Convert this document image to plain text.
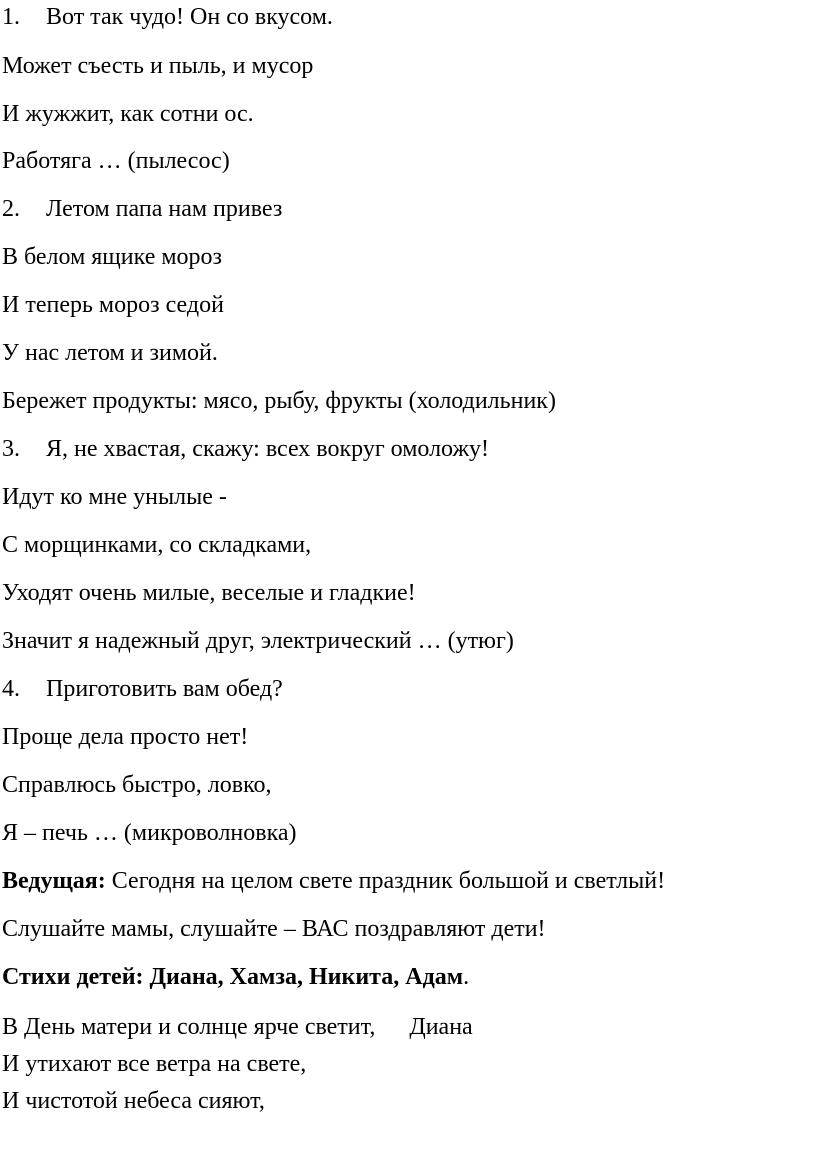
1. Вот так чудо! Он со вкусом.
Может съесть и пыль, и мусор
И жужжит, как сотни ос.
Работяга … (пылесос)
2. Летом папа нам привез
В белом ящике мороз
И теперь мороз седой
У нас летом и зимой.
Бережет продукты: мясо, рыбу, фрукты (холодильник)
3. Я, не хвастая, скажу: всех вокруг омоложу!
Идут ко мне унылые -
С морщинками, со складками,
Уходят очень милые, веселые и гладкие!
Значит я надежный друг, электрический … (утюг)
4. Приготовить вам обед?
Проще дела просто нет!
Справлюсь быстро, ловко,
Я – печь … (микроволновка)
Ведущая: Сегодня на целом свете праздник большой и светлый!
Слушайте мамы, слушайте – ВАС поздравляют дети!
Стихи детей: Диана, Хамза, Никита, Адам.
В День матери и солнце ярче светит, Диана
И утихают все ветра на свете,
И чистотой небеса сияют,
